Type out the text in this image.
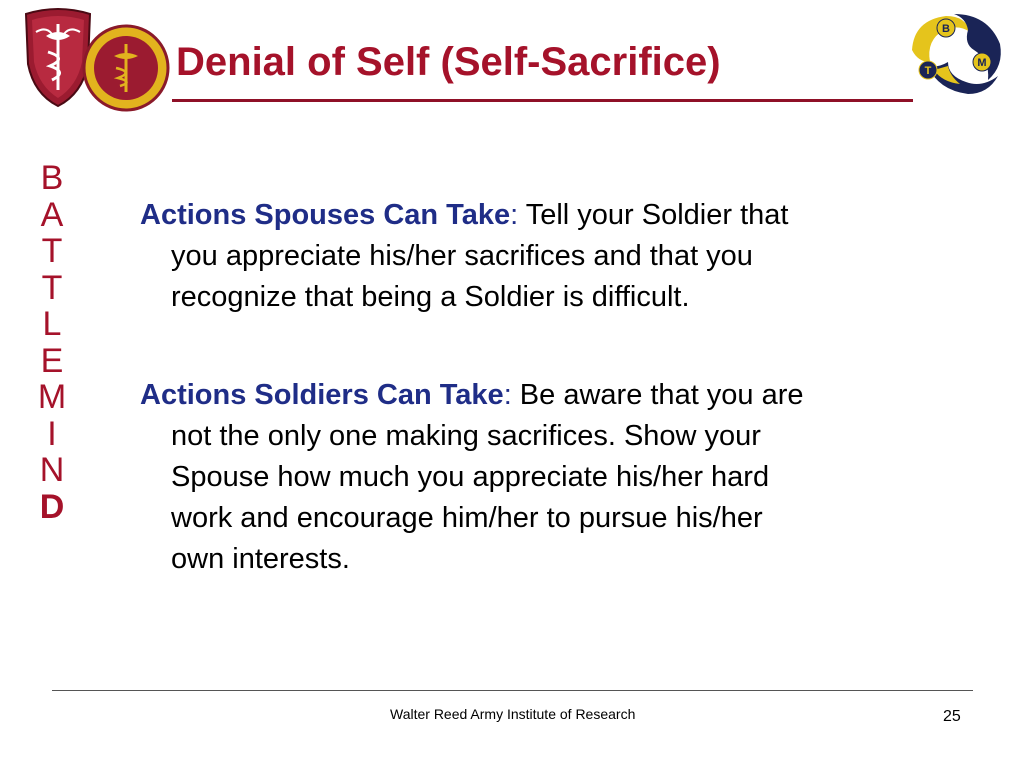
Denial of Self (Self-Sacrifice)
B
T
M
B
A
T
T
L
E
M
I
N
D
Actions Spouses Can Take: Tell your Soldier that
you appreciate his/her sacrifices and that you
recognize that being a Soldier is difficult.
Actions Soldiers Can Take: Be aware that you are
not the only one making sacrifices. Show your
Spouse how much you appreciate his/her hard
work and encourage him/her to pursue his/her
own interests.
Walter Reed Army Institute of Research	25
